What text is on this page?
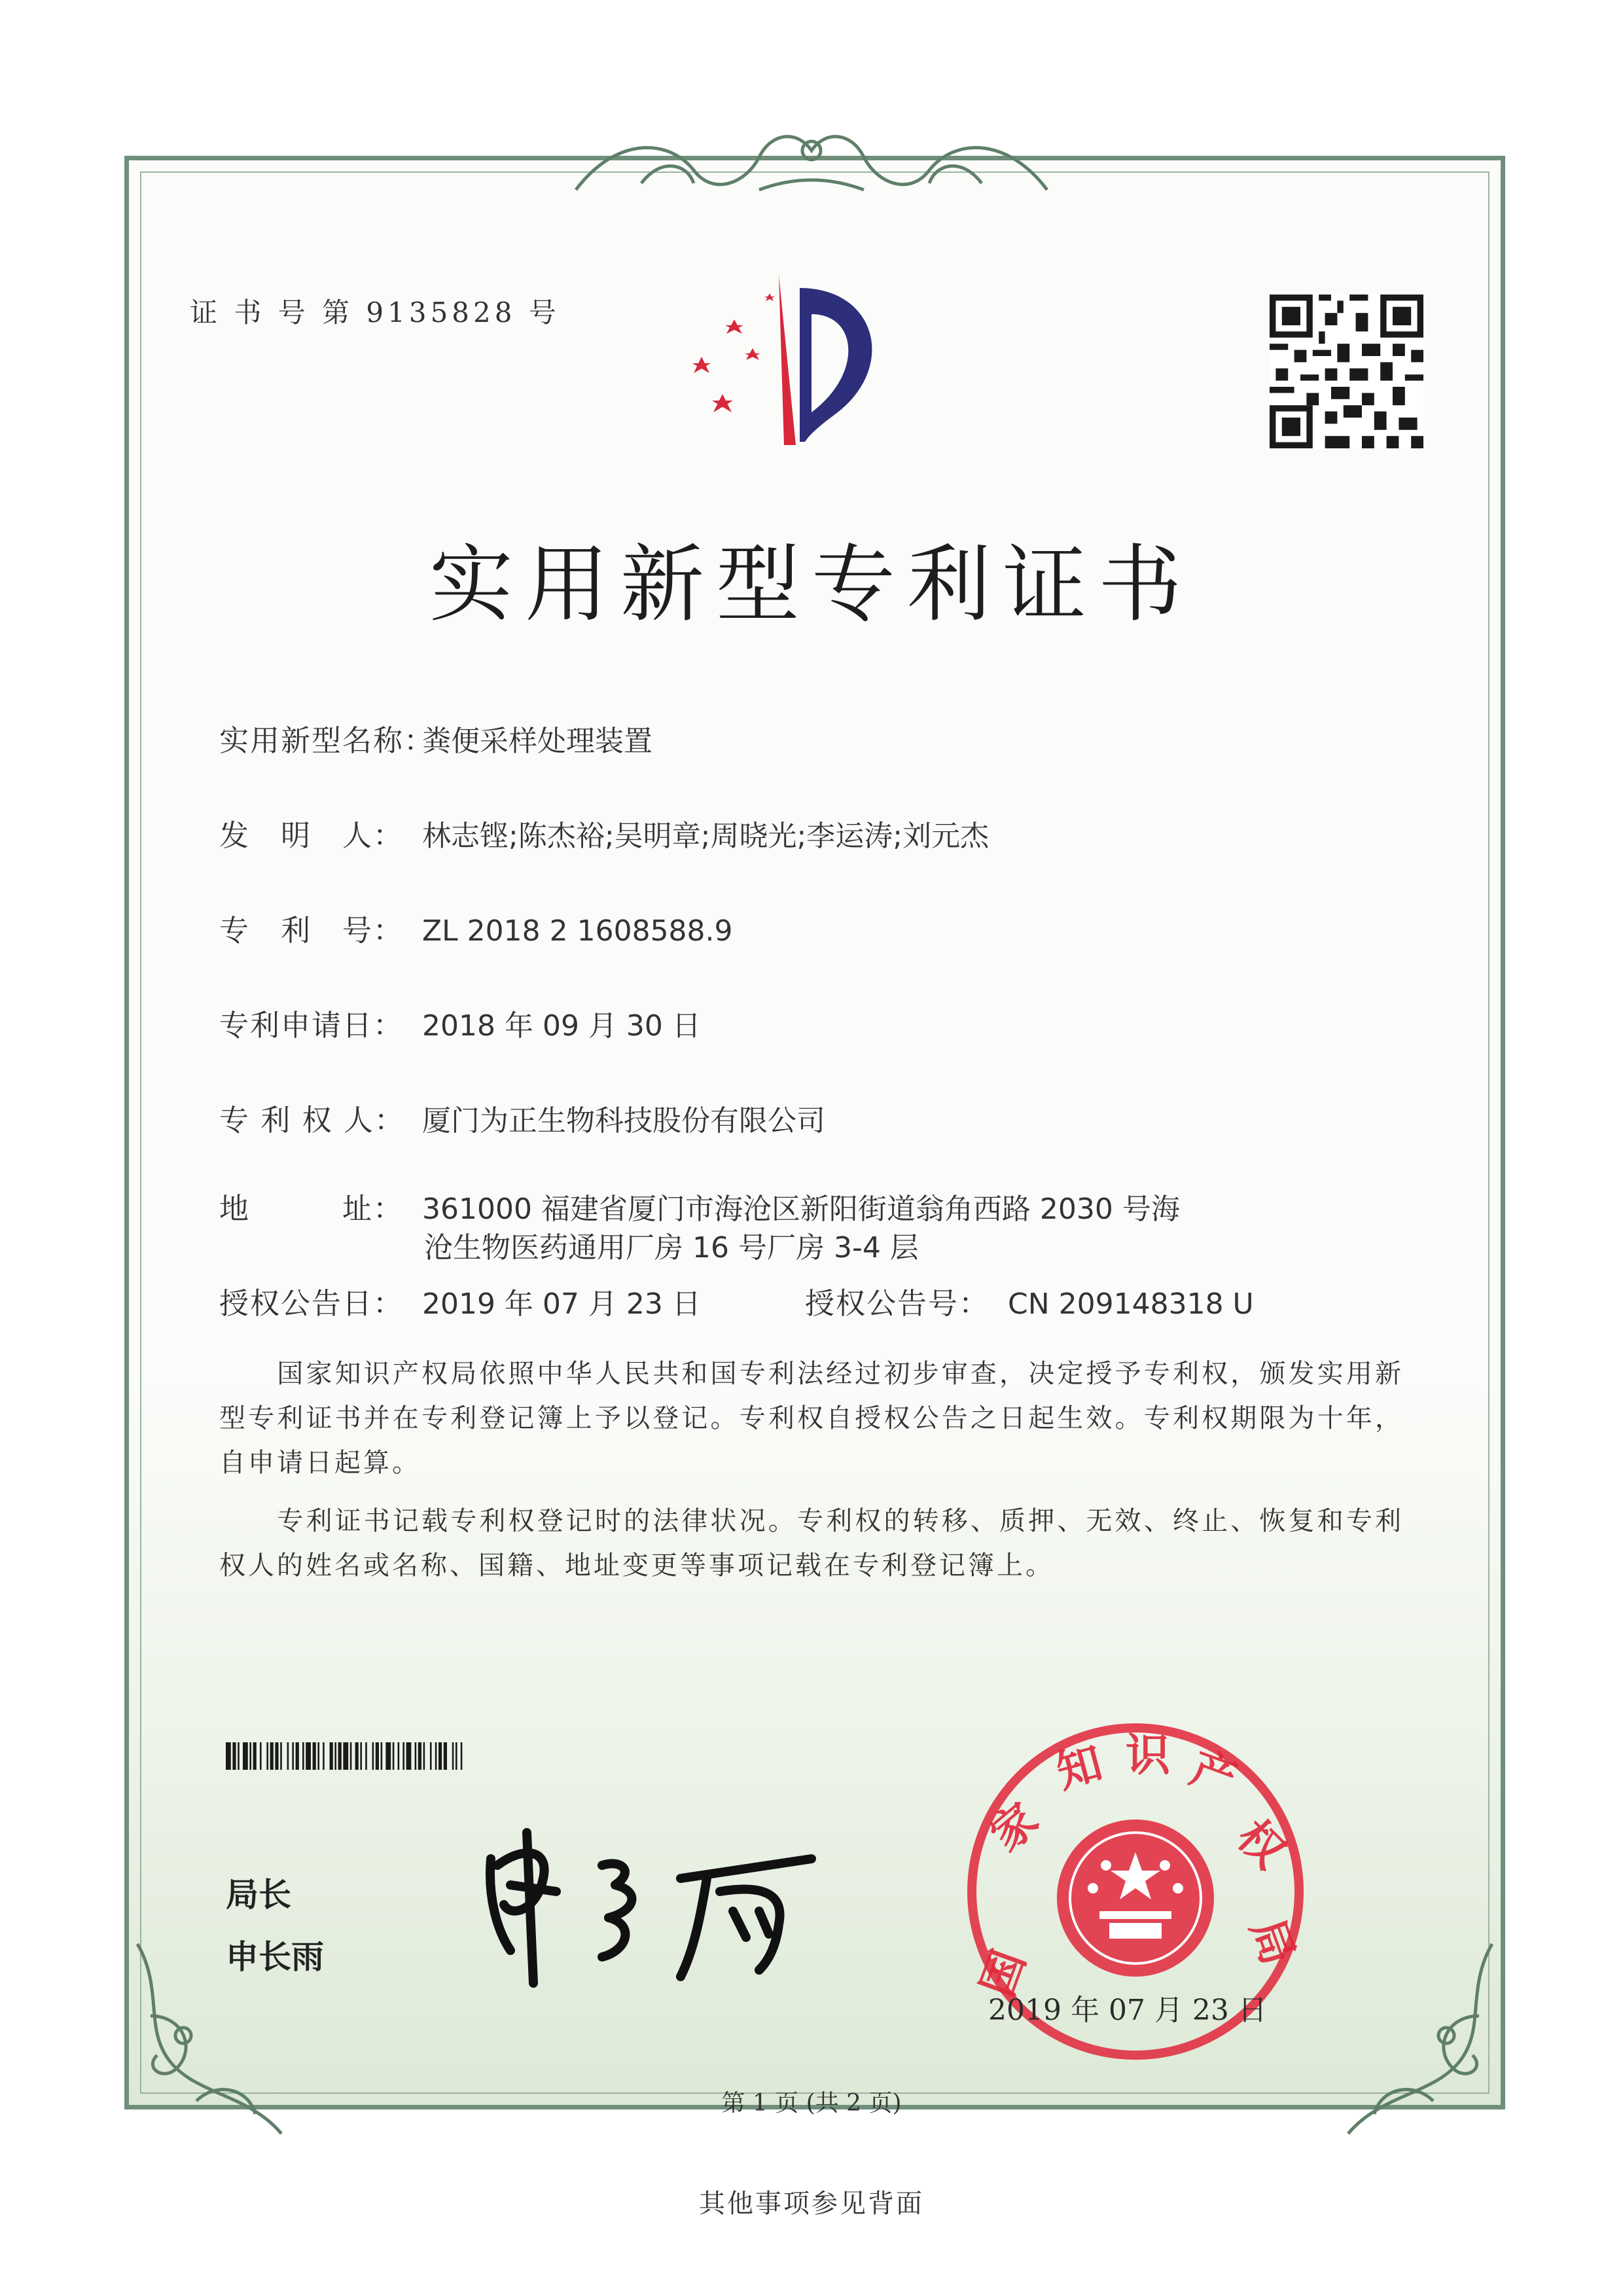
证 书 号 第 9135828 号
实用新型专利证书
实用新型名称：粪便采样处理装置
发　明　人： 林志铿;陈杰裕;吴明章;周晓光;李运涛;刘元杰
专　利　号： ZL 2018 2 1608588.9
专利申请日： 2018 年 09 月 30 日
专 利 权 人： 厦门为正生物科技股份有限公司
地　　　址： 361000 福建省厦门市海沧区新阳街道翁角西路 2030 号海
沧生物医药通用厂房 16 号厂房 3-4 层
授权公告日： 2019 年 07 月 23 日	授权公告号： CN 209148318 U
　　国家知识产权局依照中华人民共和国专利法经过初步审查，决定授予专利权，颁发实用新型专利证书并在专利登记簿上予以登记。专利权自授权公告之日起生效。专利权期限为十年，自申请日起算。
　　专利证书记载专利权登记时的法律状况。专利权的转移、质押、无效、终止、恢复和专利权人的姓名或名称、国籍、地址变更等事项记载在专利登记簿上。
局长
申长雨	国
家
知 识 产
权
局
2019 年 07 月 23 日
第 1 页 (共 2 页)
其他事项参见背面
